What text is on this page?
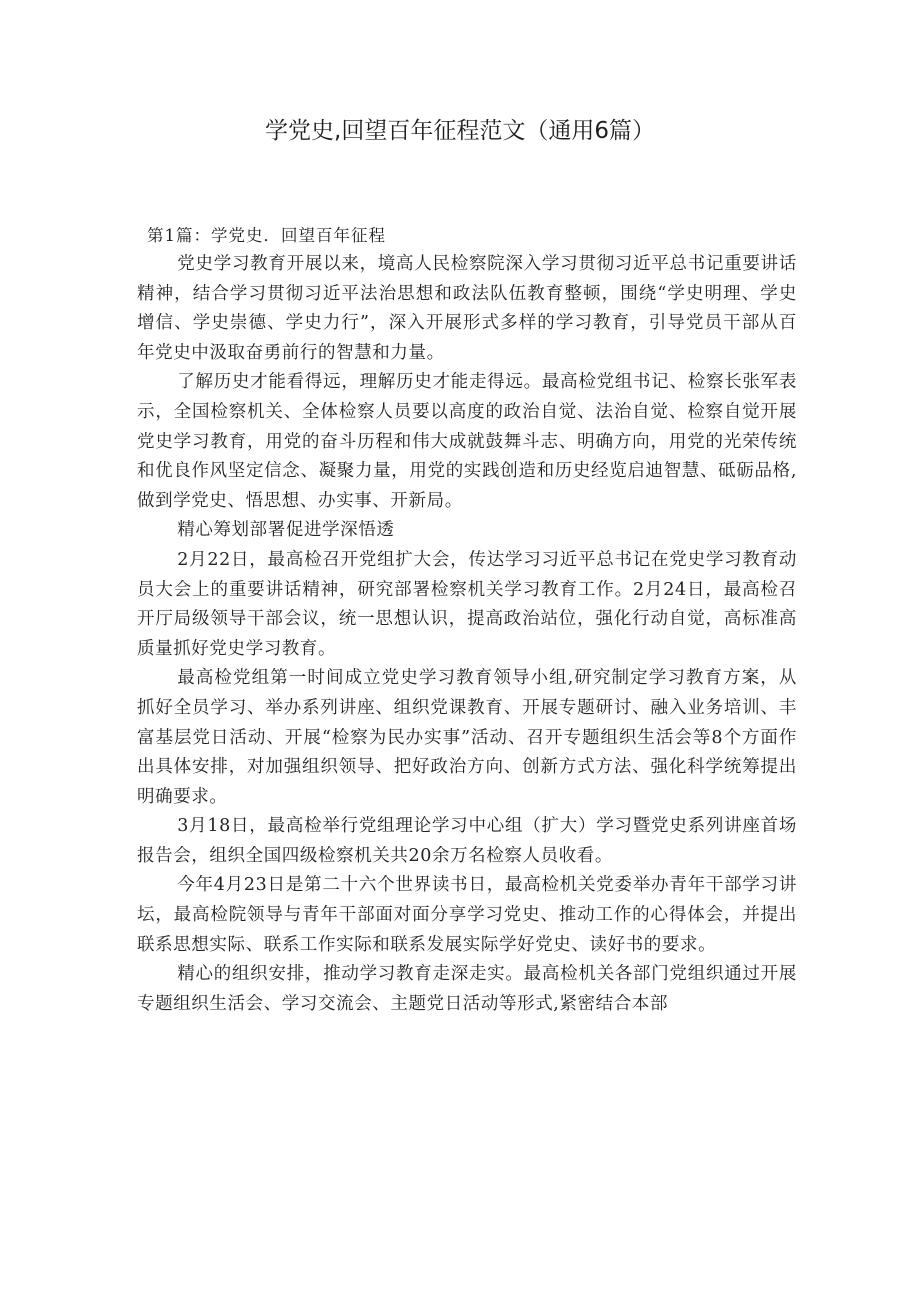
学党史,回望百年征程范文（通用6篇）

第1篇：学党史．回望百年征程

党史学习教育开展以来，境高人民检察院深入学习贯彻习近平总书记重要讲话精神，结合学习贯彻习近平法治思想和政法队伍教育整顿，围绕“学史明理、学史增信、学史崇德、学史力行”，深入开展形式多样的学习教育，引导党员干部从百年党史中汲取奋勇前行的智慧和力量。

了解历史才能看得远，理解历史才能走得远。最高检党组书记、检察长张军表示，全国检察机关、全体检察人员要以高度的政治自觉、法治自觉、检察自觉开展党史学习教育，用党的奋斗历程和伟大成就鼓舞斗志、明确方向，用党的光荣传统和优良作风坚定信念、凝聚力量，用党的实践创造和历史经览启迪智慧、砥砺品格,做到学党史、悟思想、办实事、开新局。

精心筹划部署促进学深悟透

2月22日，最高检召开党组扩大会，传达学习习近平总书记在党史学习教育动员大会上的重要讲话精神，研究部署检察机关学习教育工作。2月24日，最高检召开厅局级领导干部会议，统一思想认识，提高政治站位，强化行动自觉，高标准高质量抓好党史学习教育。

最高检党组第一时间成立党史学习教育领导小组,研究制定学习教育方案，从抓好全员学习、举办系列讲座、组织党课教育、开展专题研讨、融入业务培训、丰富基层党日活动、开展“检察为民办实事”活动、召开专题组织生活会等8个方面作出具体安排，对加强组织领导、把好政治方向、创新方式方法、强化科学统筹提出明确要求。

3月18日，最高检举行党组理论学习中心组（扩大）学习暨党史系列讲座首场报告会，组织全国四级检察机关共20余万名检察人员收看。

今年4月23日是第二十六个世界读书日，最高检机关党委举办青年干部学习讲坛，最高检院领导与青年干部面对面分享学习党史、推动工作的心得体会，并提出联系思想实际、联系工作实际和联系发展实际学好党史、读好书的要求。

精心的组织安排，推动学习教育走深走实。最高检机关各部门党组织通过开展专题组织生活会、学习交流会、主题党日活动等形式,紧密结合本部
